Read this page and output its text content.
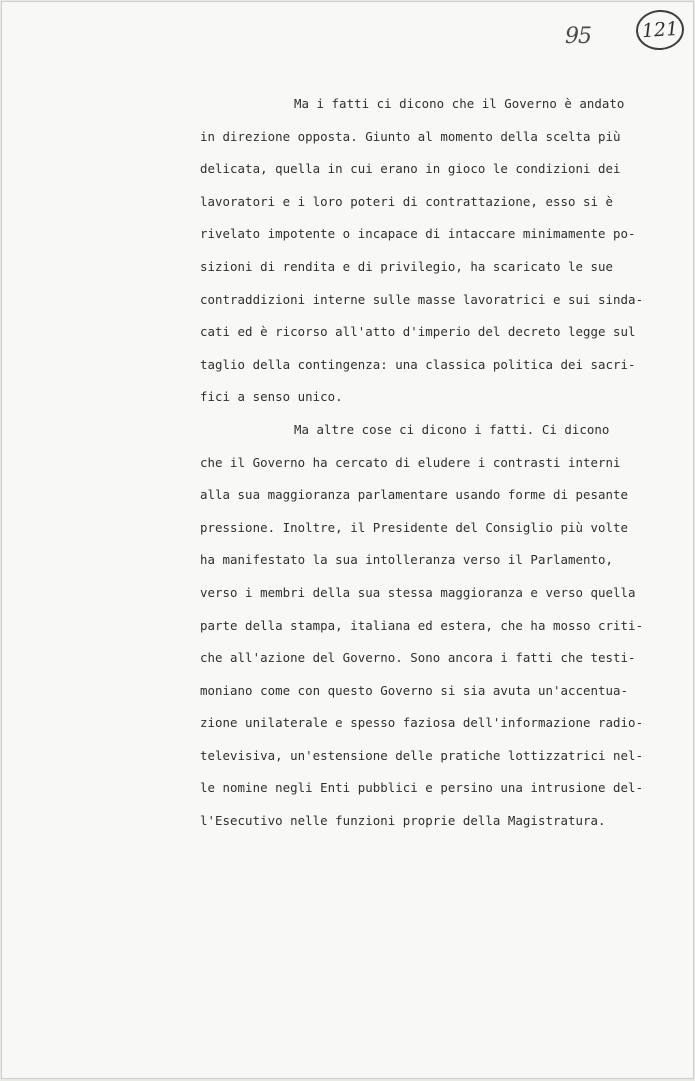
95	121
Ma i fatti ci dicono che il Governo è andato
in direzione opposta. Giunto al momento della scelta più
delicata, quella in cui erano in gioco le condizioni dei
lavoratori e i loro poteri di contrattazione, esso si è
rivelato impotente o incapace di intaccare minimamente po-
sizioni di rendita e di privilegio, ha scaricato le sue
contraddizioni interne sulle masse lavoratrici e sui sinda-
cati ed è ricorso all'atto d'imperio del decreto legge sul
taglio della contingenza: una classica politica dei sacri-
fici a senso unico.
Ma altre cose ci dicono i fatti. Ci dicono
che il Governo ha cercato di eludere i contrasti interni
alla sua maggioranza parlamentare usando forme di pesante
pressione. Inoltre, il Presidente del Consiglio più volte
ha manifestato la sua intolleranza verso il Parlamento,
verso i membri della sua stessa maggioranza e verso quella
parte della stampa, italiana ed estera, che ha mosso criti-
che all'azione del Governo. Sono ancora i fatti che testi-
moniano come con questo Governo si sia avuta un'accentua-
zione unilaterale e spesso faziosa dell'informazione radio-
televisiva, un'estensione delle pratiche lottizzatrici nel-
le nomine negli Enti pubblici e persino una intrusione del-
l'Esecutivo nelle funzioni proprie della Magistratura.
